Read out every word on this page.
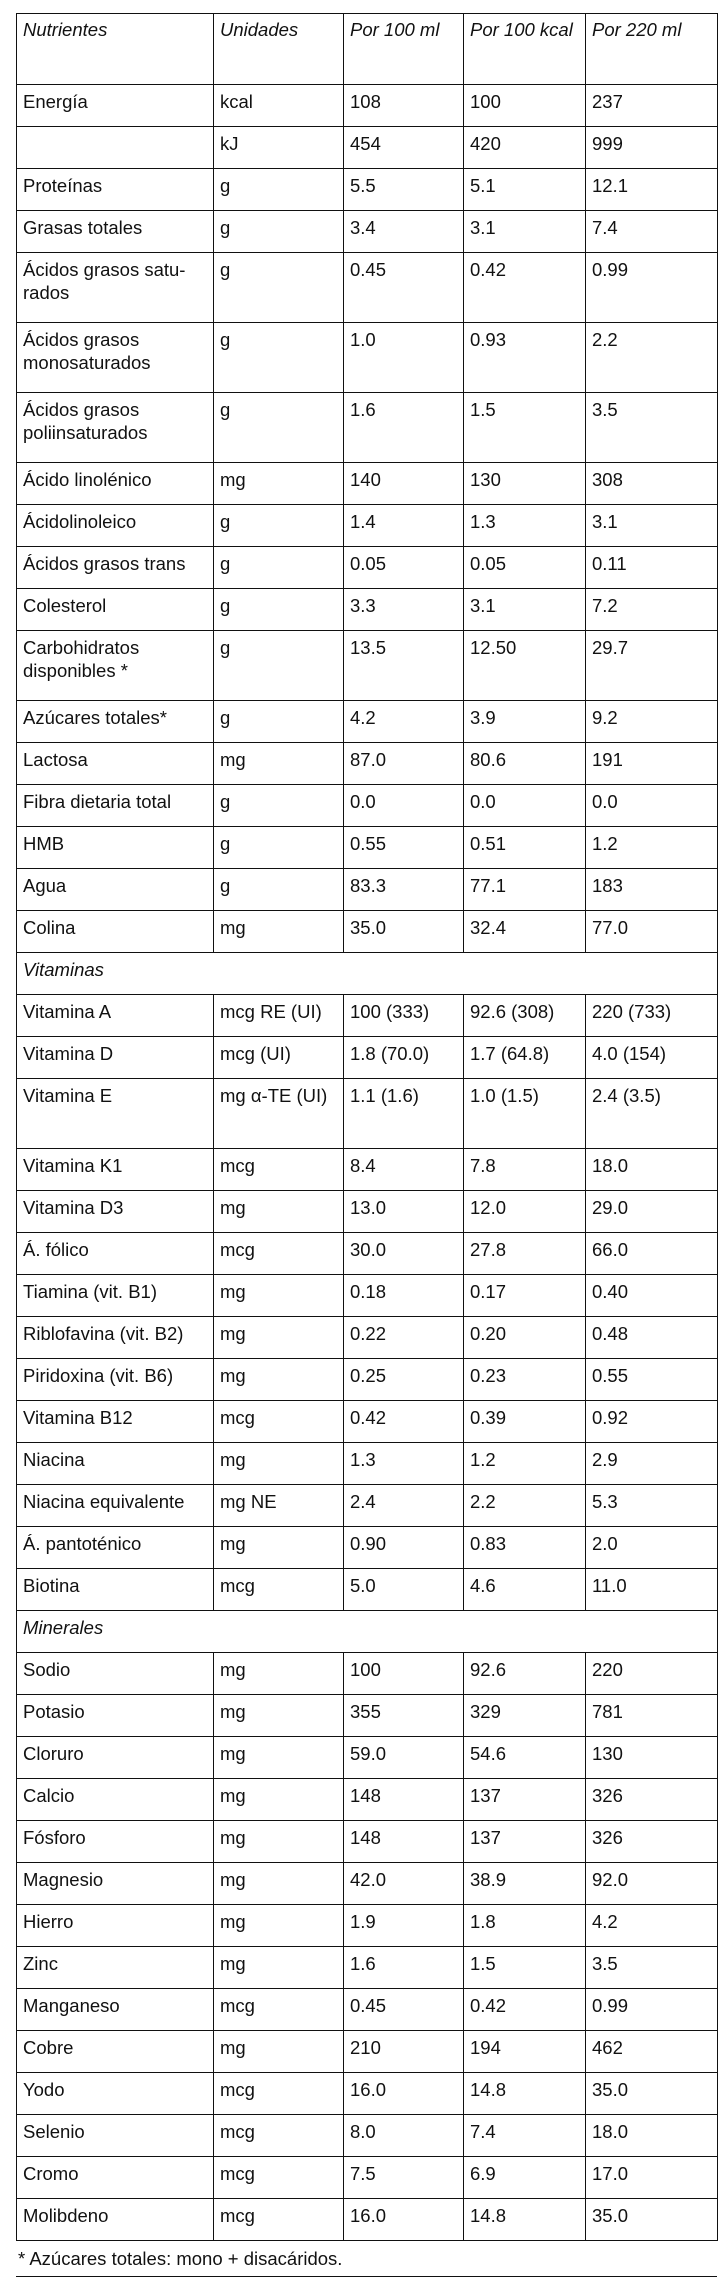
Nutrientes	Unidades	Por 100 ml	Por 100 kcal	Por 220 ml
Energía	kcal	108	100	237
	kJ	454	420	999
Proteínas	g	5.5	5.1	12.1
Grasas totales	g	3.4	3.1	7.4
Ácidos grasos satu-rados	g	0.45	0.42	0.99
Ácidos grasos monosaturados	g	1.0	0.93	2.2
Ácidos grasos poliinsaturados	g	1.6	1.5	3.5
Ácido linolénico	mg	140	130	308
Ácidolinoleico	g	1.4	1.3	3.1
Ácidos grasos trans	g	0.05	0.05	0.11
Colesterol	g	3.3	3.1	7.2
Carbohidratos disponibles *	g	13.5	12.50	29.7
Azúcares totales*	g	4.2	3.9	9.2
Lactosa	mg	87.0	80.6	191
Fibra dietaria total	g	0.0	0.0	0.0
HMB	g	0.55	0.51	1.2
Agua	g	83.3	77.1	183
Colina	mg	35.0	32.4	77.0
Vitaminas				
Vitamina A	mcg RE (UI)	100 (333)	92.6 (308)	220 (733)
Vitamina D	mcg (UI)	1.8 (70.0)	1.7 (64.8)	4.0 (154)
Vitamina E	mg α-TE (UI)	1.1 (1.6)	1.0 (1.5)	2.4 (3.5)
Vitamina K1	mcg	8.4	7.8	18.0
Vitamina D3	mg	13.0	12.0	29.0
Á. fólico	mcg	30.0	27.8	66.0
Tiamina (vit. B1)	mg	0.18	0.17	0.40
Riblofavina (vit. B2)	mg	0.22	0.20	0.48
Piridoxina (vit. B6)	mg	0.25	0.23	0.55
Vitamina B12	mcg	0.42	0.39	0.92
Niacina	mg	1.3	1.2	2.9
Niacina equivalente	mg NE	2.4	2.2	5.3
Á. pantoténico	mg	0.90	0.83	2.0
Biotina	mcg	5.0	4.6	11.0
Minerales				
Sodio	mg	100	92.6	220
Potasio	mg	355	329	781
Cloruro	mg	59.0	54.6	130
Calcio	mg	148	137	326
Fósforo	mg	148	137	326
Magnesio	mg	42.0	38.9	92.0
Hierro	mg	1.9	1.8	4.2
Zinc	mg	1.6	1.5	3.5
Manganeso	mcg	0.45	0.42	0.99
Cobre	mg	210	194	462
Yodo	mcg	16.0	14.8	35.0
Selenio	mcg	8.0	7.4	18.0
Cromo	mcg	7.5	6.9	17.0
Molibdeno	mcg	16.0	14.8	35.0
* Azúcares totales: mono + disacáridos.
